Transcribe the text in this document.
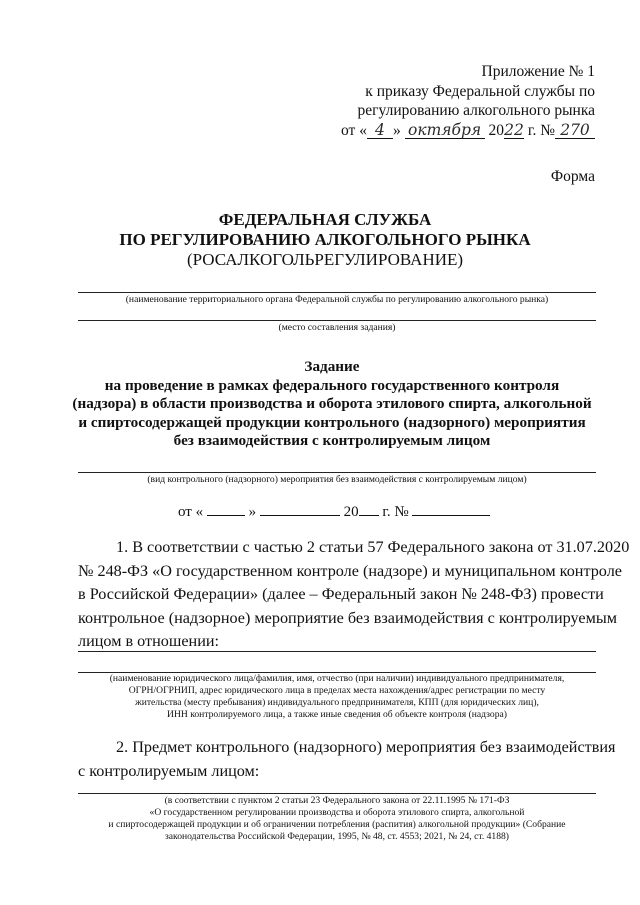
Приложение № 1
к приказу Федеральной службы по
регулированию алкогольного рынка
от « 4 » октября 2022 г. № 270
Форма
ФЕДЕРАЛЬНАЯ СЛУЖБА
ПО РЕГУЛИРОВАНИЮ АЛКОГОЛЬНОГО РЫНКА
(РОСАЛКОГОЛЬРЕГУЛИРОВАНИЕ)
(наименование территориального органа Федеральной службы по регулированию алкогольного рынка)
(место составления задания)
Задание
на проведение в рамках федерального государственного контроля
(надзора) в области производства и оборота этилового спирта, алкогольной
и спиртосодержащей продукции контрольного (надзорного) мероприятия
без взаимодействия с контролируемым лицом
(вид контрольного (надзорного) мероприятия без взаимодействия с контролируемым лицом)
от «	»	20 г. №
1. В соответствии с частью 2 статьи 57 Федерального закона от 31.07.2020
№ 248-ФЗ «О государственном контроле (надзоре) и муниципальном контроле
в Российской Федерации» (далее – Федеральный закон № 248-ФЗ) провести
контрольное (надзорное) мероприятие без взаимодействия с контролируемым
лицом в отношении:
(наименование юридического лица/фамилия, имя, отчество (при наличии) индивидуального предпринимателя,
ОГРН/ОГРНИП, адрес юридического лица в пределах места нахождения/адрес регистрации по месту
жительства (месту пребывания) индивидуального предпринимателя, КПП (для юридических лиц),
ИНН контролируемого лица, а также иные сведения об объекте контроля (надзора)
2. Предмет контрольного (надзорного) мероприятия без взаимодействия
с контролируемым лицом:
(в соответствии с пунктом 2 статьи 23 Федерального закона от 22.11.1995 № 171-ФЗ
«О государственном регулировании производства и оборота этилового спирта, алкогольной
и спиртосодержащей продукции и об ограничении потребления (распития) алкогольной продукции» (Собрание
законодательства Российской Федерации, 1995, № 48, ст. 4553; 2021, № 24, ст. 4188)
